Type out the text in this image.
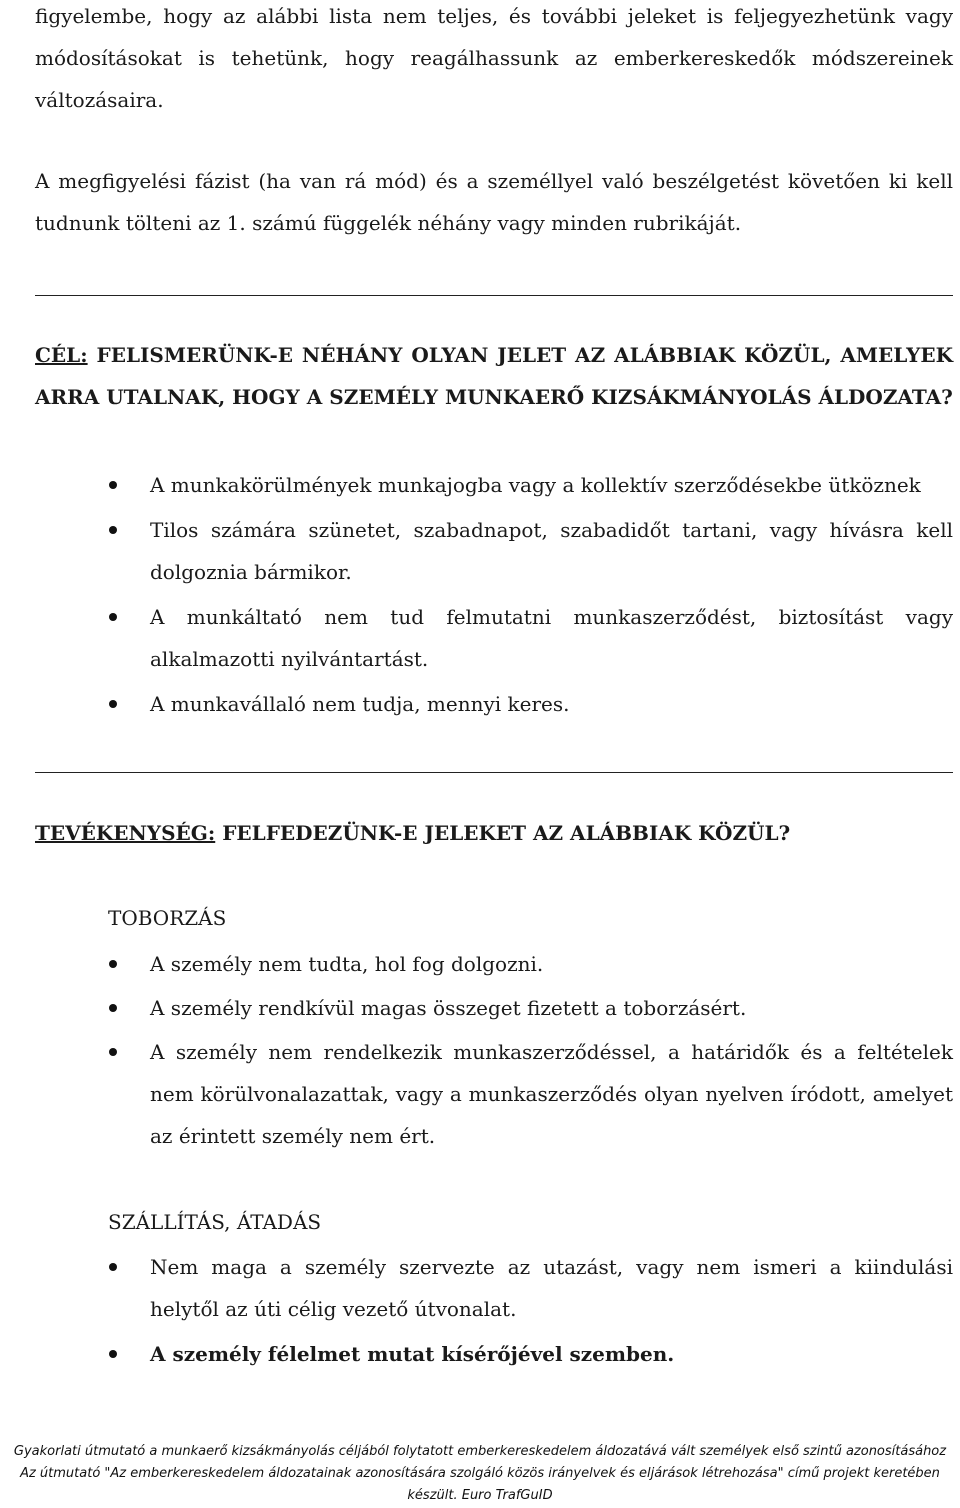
figyelembe, hogy az alábbi lista nem teljes, és további jeleket is feljegyezhetünk vagy módosításokat is tehetünk, hogy reagálhassunk az emberkereskedők módszereinek változásaira.
A megfigyelési fázist (ha van rá mód) és a személlyel való beszélgetést követően ki kell tudnunk tölteni az 1. számú függelék néhány vagy minden rubrikáját.
CÉL: FELISMERÜNK-E NÉHÁNY OLYAN JELET AZ ALÁBBIAK KÖZÜL, AMELYEK ARRA UTALNAK, HOGY A SZEMÉLY MUNKAERŐ KIZSÁKMÁNYOLÁS ÁLDOZATA?
A munkakörülmények munkajogba vagy a kollektív szerződésekbe ütköznek
Tilos számára szünetet, szabadnapot, szabadidőt tartani, vagy hívásra kell dolgoznia bármikor.
A munkáltató nem tud felmutatni munkaszerződést, biztosítást vagy alkalmazotti nyilvántartást.
A munkavállaló nem tudja, mennyi keres.
TEVÉKENYSÉG: FELFEDEZÜNK-E JELEKET AZ ALÁBBIAK KÖZÜL?
TOBORZÁS
A személy nem tudta, hol fog dolgozni.
A személy rendkívül magas összeget fizetett a toborzásért.
A személy nem rendelkezik munkaszerződéssel, a határidők és a feltételek nem körülvonalazattak, vagy a munkaszerződés olyan nyelven íródott, amelyet az érintett személy nem ért.
SZÁLLÍTÁS, ÁTADÁS
Nem maga a személy szervezte az utazást, vagy nem ismeri a kiindulási helytől az úti célig vezető útvonalat.
A személy félelmet mutat kísérőjével szemben.
Gyakorlati útmutató a munkaerő kizsákmányolás céljából folytatott emberkereskedelem áldozatává vált személyek első szintű azonosításához
Az útmutató "Az emberkereskedelem áldozatainak azonosítására szolgáló közös irányelvek és eljárások létrehozása" című projekt keretében
készült. Euro TrafGuID
